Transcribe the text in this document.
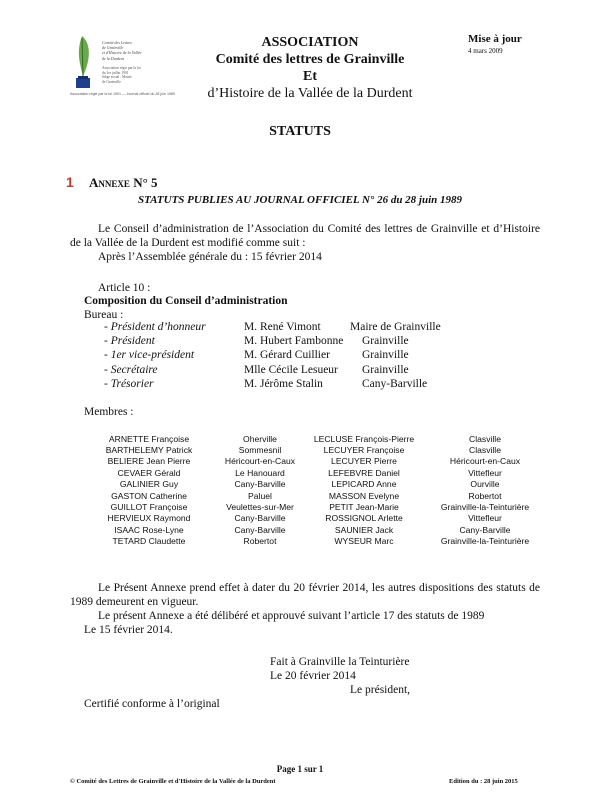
Comité des Lettres
de Grainville
et d'Histoire de la Vallée
de la Durdent
Association régie par la loi
du 1er juillet 1901
Siège social : Mairie
de Grainville
Association régie par la loi 1901 — Journal officiel du 28 juin 1989
ASSOCIATION
Comité des lettres de Grainville
Et
d’Histoire de la Vallée de la Durdent
Mise à jour
4 mars 2009
STATUTS
1 Annexe N° 5
STATUTS PUBLIES AU JOURNAL OFFICIEL N° 26 du 28 juin 1989
Le Conseil d’administration de l’Association du Comité des lettres de Grainville et d’Histoire de la Vallée de la Durdent est modifié comme suit :
Après l’Assemblée générale du : 15 février 2014
Article 10 :
Composition du Conseil d’administration
Bureau :
- Président d’honneur	M. René Vimont	Maire de Grainville
- Président	M. Hubert Fambonne	Grainville
- 1er vice-président	M. Gérard Cuillier	Grainville
- Secrétaire	Mlle Cécile Lesueur	Grainville
- Trésorier	M. Jérôme Stalin	Cany-Barville
Membres :
ARNETTE Françoise	Oherville	LECLUSE François-Pierre	Clasville
BARTHELEMY Patrick	Sommesnil	LECUYER Françoise	Clasville
BELIERE Jean Pierre	Héricourt-en-Caux	LECUYER Pierre	Héricourt-en-Caux
CEVAER Gérald	Le Hanouard	LEFEBVRE Daniel	Vittefleur
GALINIER Guy	Cany-Barville	LEPICARD Anne	Ourville
GASTON Catherine	Paluel	MASSON Evelyne	Robertot
GUILLOT Françoise	Veulettes-sur-Mer	PETIT Jean-Marie	Grainville-la-Teinturière
HERVIEUX Raymond	Cany-Barville	ROSSIGNOL Arlette	Vittefleur
ISAAC Rose-Lyne	Cany-Barville	SAUNIER Jack	Cany-Barville
TETARD Claudette	Robertot	WYSEUR Marc	Grainville-la-Teinturière
Le Présent Annexe prend effet à dater du 20 février 2014, les autres dispositions des statuts de 1989 demeurent en vigueur.
Le présent Annexe a été délibéré et approuvé suivant l’article 17 des statuts de 1989
Le 15 février 2014.
Fait à Grainville la Teinturière
Le 20 février 2014
Le président,
Certifié conforme à l’original
Page 1 sur 1
© Comité des Lettres de Grainville et d'Histoire de la Vallée de la Durdent	Edition du : 28 juin 2015
